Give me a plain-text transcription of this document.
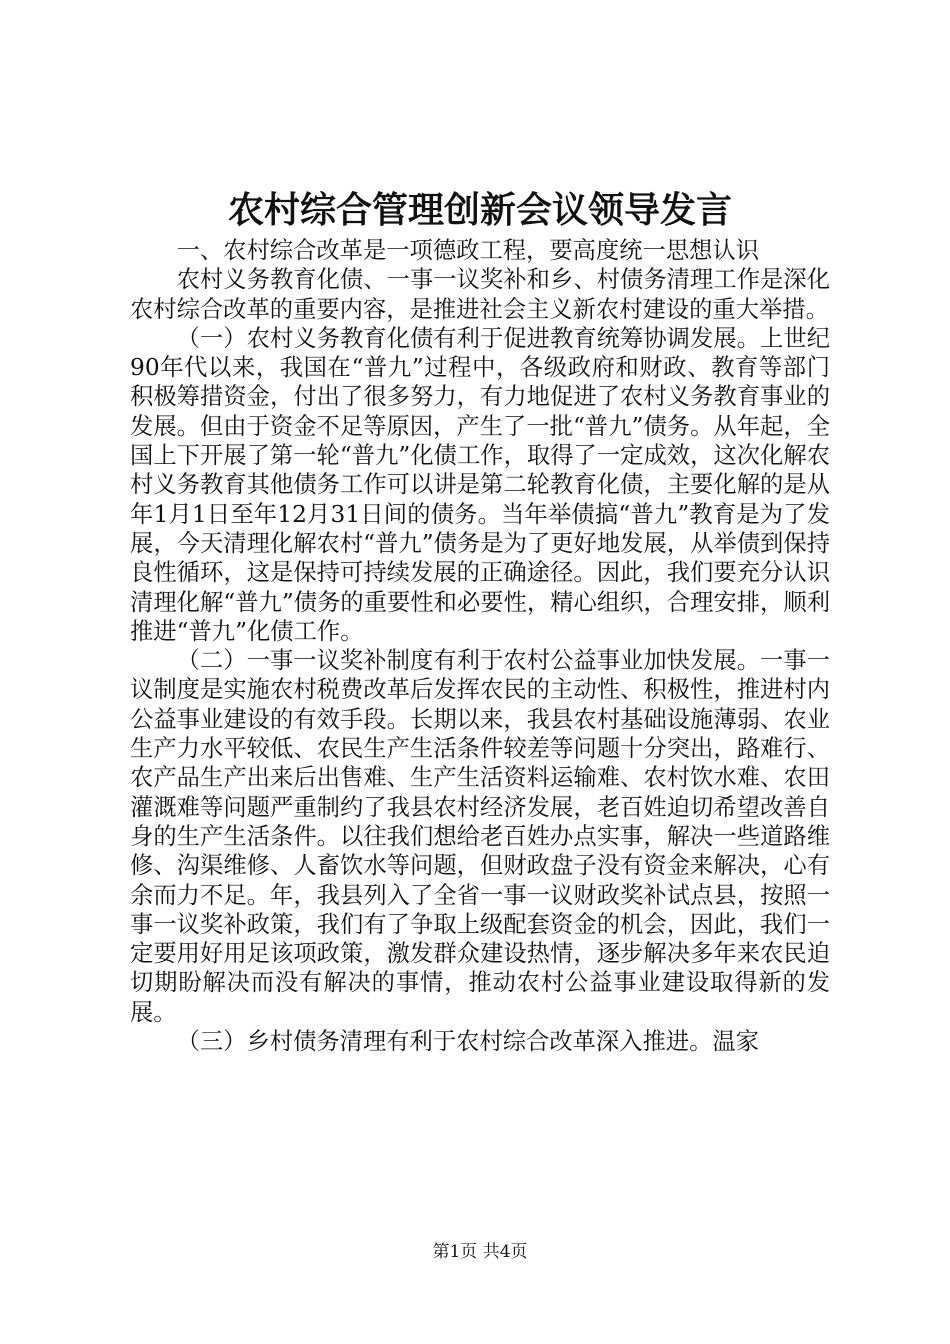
农村综合管理创新会议领导发言

一、农村综合改革是一项德政工程，要高度统一思想认识

农村义务教育化债、一事一议奖补和乡、村债务清理工作是深化农村综合改革的重要内容，是推进社会主义新农村建设的重大举措。

（一）农村义务教育化债有利于促进教育统筹协调发展。上世纪90年代以来，我国在“普九”过程中，各级政府和财政、教育等部门积极筹措资金，付出了很多努力，有力地促进了农村义务教育事业的发展。但由于资金不足等原因，产生了一批“普九”债务。从年起，全国上下开展了第一轮“普九”化债工作，取得了一定成效，这次化解农村义务教育其他债务工作可以讲是第二轮教育化债，主要化解的是从年1月1日至年12月31日间的债务。当年举债搞“普九”教育是为了发展，今天清理化解农村“普九”债务是为了更好地发展，从举债到保持良性循环，这是保持可持续发展的正确途径。因此，我们要充分认识清理化解“普九”债务的重要性和必要性，精心组织，合理安排，顺利推进“普九”化债工作。

（二）一事一议奖补制度有利于农村公益事业加快发展。一事一议制度是实施农村税费改革后发挥农民的主动性、积极性，推进村内公益事业建设的有效手段。长期以来，我县农村基础设施薄弱、农业生产力水平较低、农民生产生活条件较差等问题十分突出，路难行、农产品生产出来后出售难、生产生活资料运输难、农村饮水难、农田灌溉难等问题严重制约了我县农村经济发展，老百姓迫切希望改善自身的生产生活条件。以往我们想给老百姓办点实事，解决一些道路维修、沟渠维修、人畜饮水等问题，但财政盘子没有资金来解决，心有余而力不足。年，我县列入了全省一事一议财政奖补试点县，按照一事一议奖补政策，我们有了争取上级配套资金的机会，因此，我们一定要用好用足该项政策，激发群众建设热情，逐步解决多年来农民迫切期盼解决而没有解决的事情，推动农村公益事业建设取得新的发展。

（三）乡村债务清理有利于农村综合改革深入推进。温家

第1页 共4页
